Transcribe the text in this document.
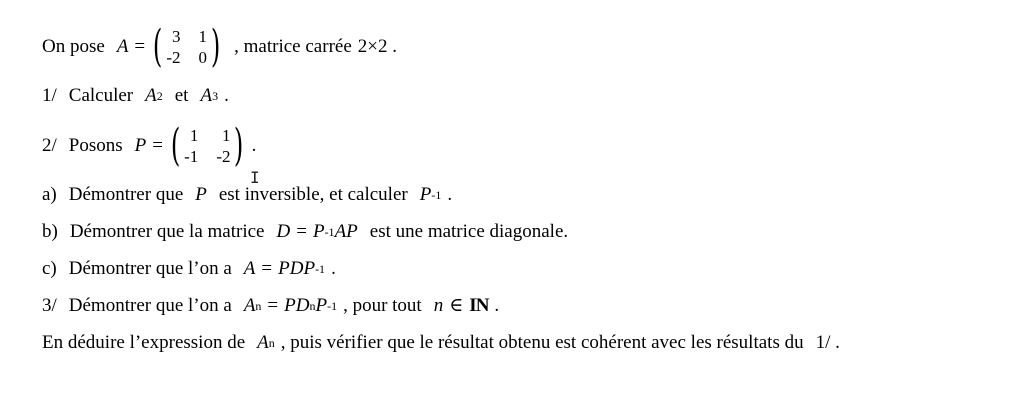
On pose A = ( 3 1
-2 0 ) , matrice carrée 2×2 .
1/ Calculer A 2 et A 3 .
2/ Posons P = ( 1	1
-1 -2 ) .
I
a) Démontrer que P est inversible, et calculer P -1 .
b) Démontrer que la matrice D = P -1 AP est une matrice diagonale.
c) Démontrer que l’on a A = PDP -1 .
3/ Démontrer que l’on a A n = PD n P -1 , pour tout n ∈ IN .
En déduire l’expression de A n , puis vérifier que le résultat obtenu est cohérent avec les résultats du 1/ .
